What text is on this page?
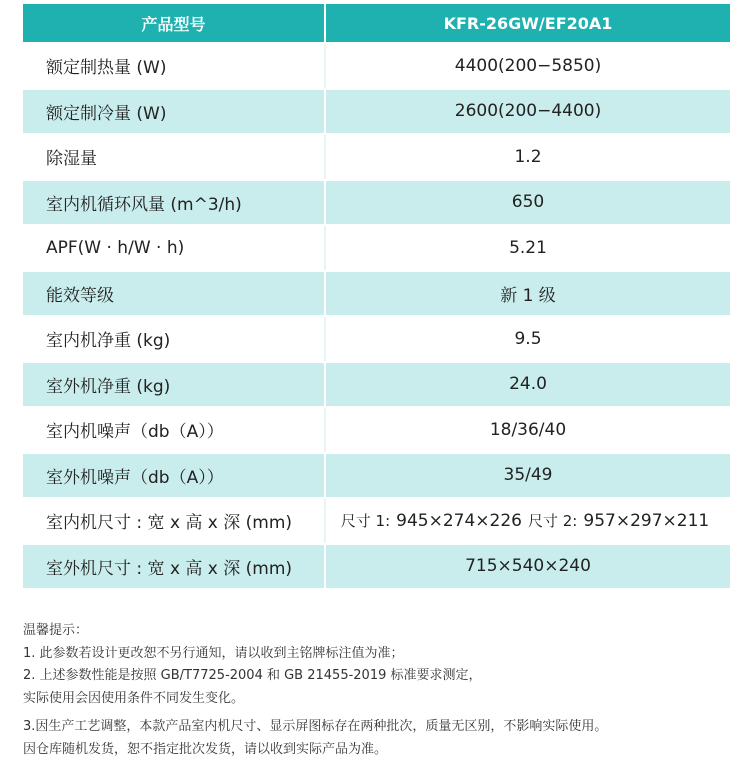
产品型号	KFR-26GW/EF20A1
额定制热量 (W)	4400(200−5850)
额定制冷量 (W)	2600(200−4400)
除湿量	1.2
室内机循环风量 (m^3/h)	650
APF(W · h/W · h)	5.21
能效等级	新 1 级
室内机净重 (kg)	9.5
室外机净重 (kg)	24.0
室内机噪声（db（A））	18/36/40
室外机噪声（db（A））	35/49
室内机尺寸 : 宽 x 高 x 深 (mm)	尺寸 1: 945×274×226 尺寸 2: 957×297×211
室外机尺寸 : 宽 x 高 x 深 (mm)	715×540×240
温馨提示：
1. 此参数若设计更改恕不另行通知，请以收到主铭牌标注值为准；
2. 上述参数性能是按照 GB/T7725-2004 和 GB 21455-2019 标准要求测定，
实际使用会因使用条件不同发生变化。
3.因生产工艺调整，本款产品室内机尺寸、显示屏图标存在两种批次，质量无区别，不影响实际使用。
因仓库随机发货，恕不指定批次发货，请以收到实际产品为准。
